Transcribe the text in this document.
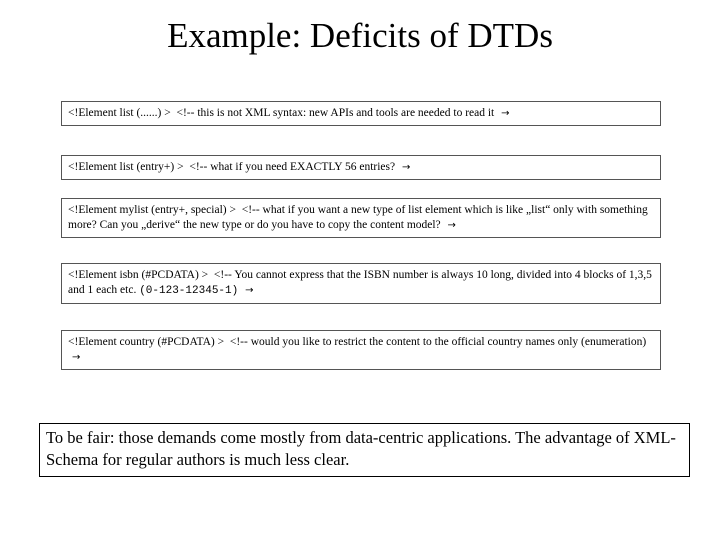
Example: Deficits of DTDs
<!Element list (......) > <!-- this is not XML syntax: new APIs and tools are needed to read it →
<!Element list (entry+) > <!-- what if you need EXACTLY 56 entries? →
<!Element mylist (entry+, special) > <!-- what if you want a new type of list element which is like „list“ only with something more? Can you „derive“ the new type or do you have to copy the content model? →
<!Element isbn (#PCDATA) > <!-- You cannot express that the ISBN number is always 10 long, divided into 4 blocks of 1,3,5 and 1 each etc. (0-123-12345-1) →
<!Element country (#PCDATA) > <!-- would you like to restrict the content to the official country names only (enumeration) →
To be fair: those demands come mostly from data-centric applications. The advantage of XML-Schema for regular authors is much less clear.
